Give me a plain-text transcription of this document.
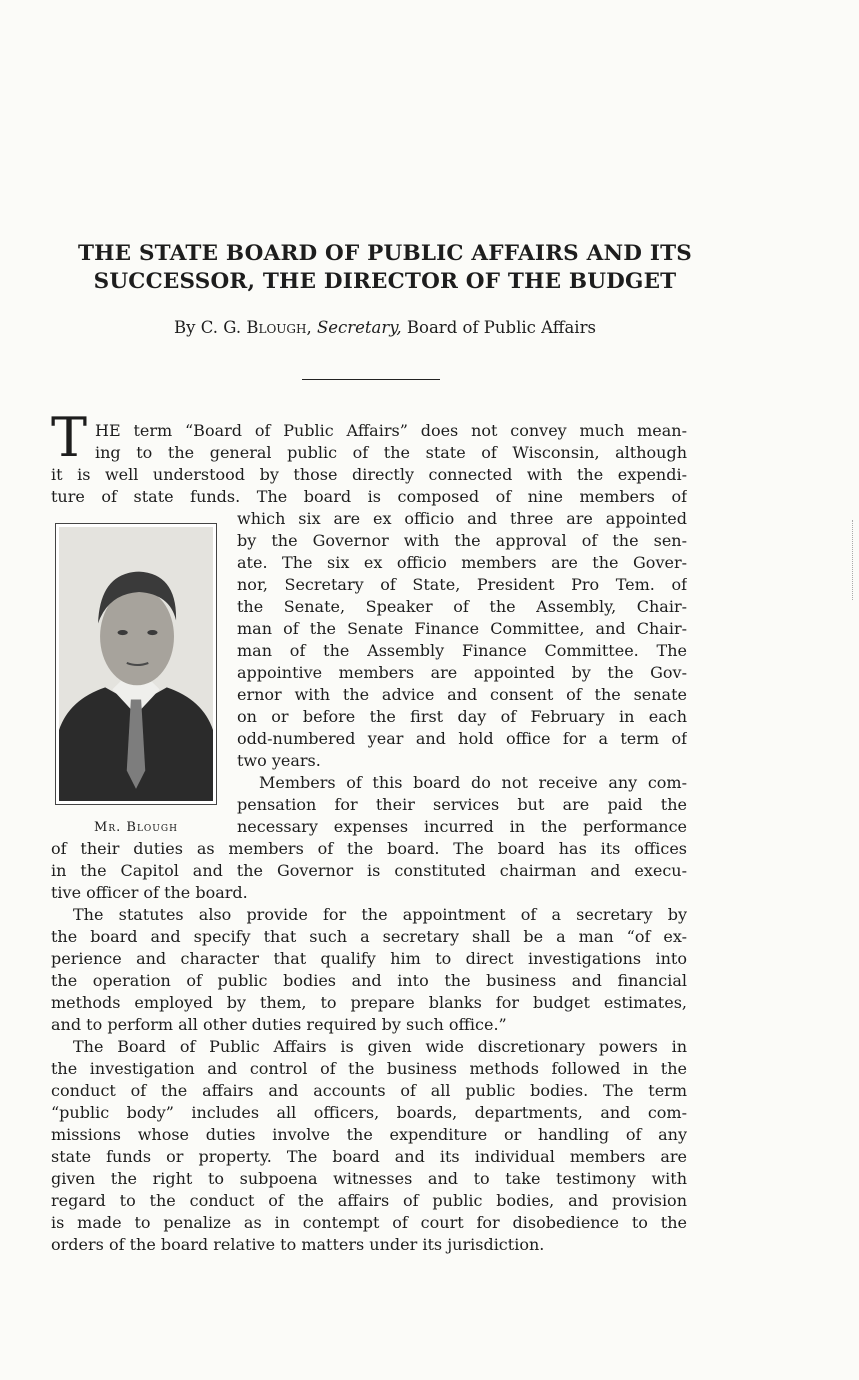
THE STATE BOARD OF PUBLIC AFFAIRS AND ITS
SUCCESSOR, THE DIRECTOR OF THE BUDGET
By C. G. Blough, Secretary, Board of Public Affairs
T
Mr. Blough
HE term “Board of Public Affairs” does not convey much mean-
ing to the general public of the state of Wisconsin, although
it is well understood by those directly connected with the expendi-
ture of state funds. The board is composed of nine members of
which six are ex officio and three are appointed
by the Governor with the approval of the sen-
ate. The six ex officio members are the Gover-
nor, Secretary of State, President Pro Tem. of
the Senate, Speaker of the Assembly, Chair-
man of the Senate Finance Committee, and Chair-
man of the Assembly Finance Committee. The
appointive members are appointed by the Gov-
ernor with the advice and consent of the senate
on or before the first day of February in each
odd-numbered year and hold office for a term of
two years.
Members of this board do not receive any com-
pensation for their services but are paid the
necessary expenses incurred in the performance
of their duties as members of the board. The board has its offices
in the Capitol and the Governor is constituted chairman and execu-
tive officer of the board.
The statutes also provide for the appointment of a secretary by
the board and specify that such a secretary shall be a man “of ex-
perience and character that qualify him to direct investigations into
the operation of public bodies and into the business and financial
methods employed by them, to prepare blanks for budget estimates,
and to perform all other duties required by such office.”
The Board of Public Affairs is given wide discretionary powers in
the investigation and control of the business methods followed in the
conduct of the affairs and accounts of all public bodies. The term
“public body” includes all officers, boards, departments, and com-
missions whose duties involve the expenditure or handling of any
state funds or property. The board and its individual members are
given the right to subpoena witnesses and to take testimony with
regard to the conduct of the affairs of public bodies, and provision
is made to penalize as in contempt of court for disobedience to the
orders of the board relative to matters under its jurisdiction.
